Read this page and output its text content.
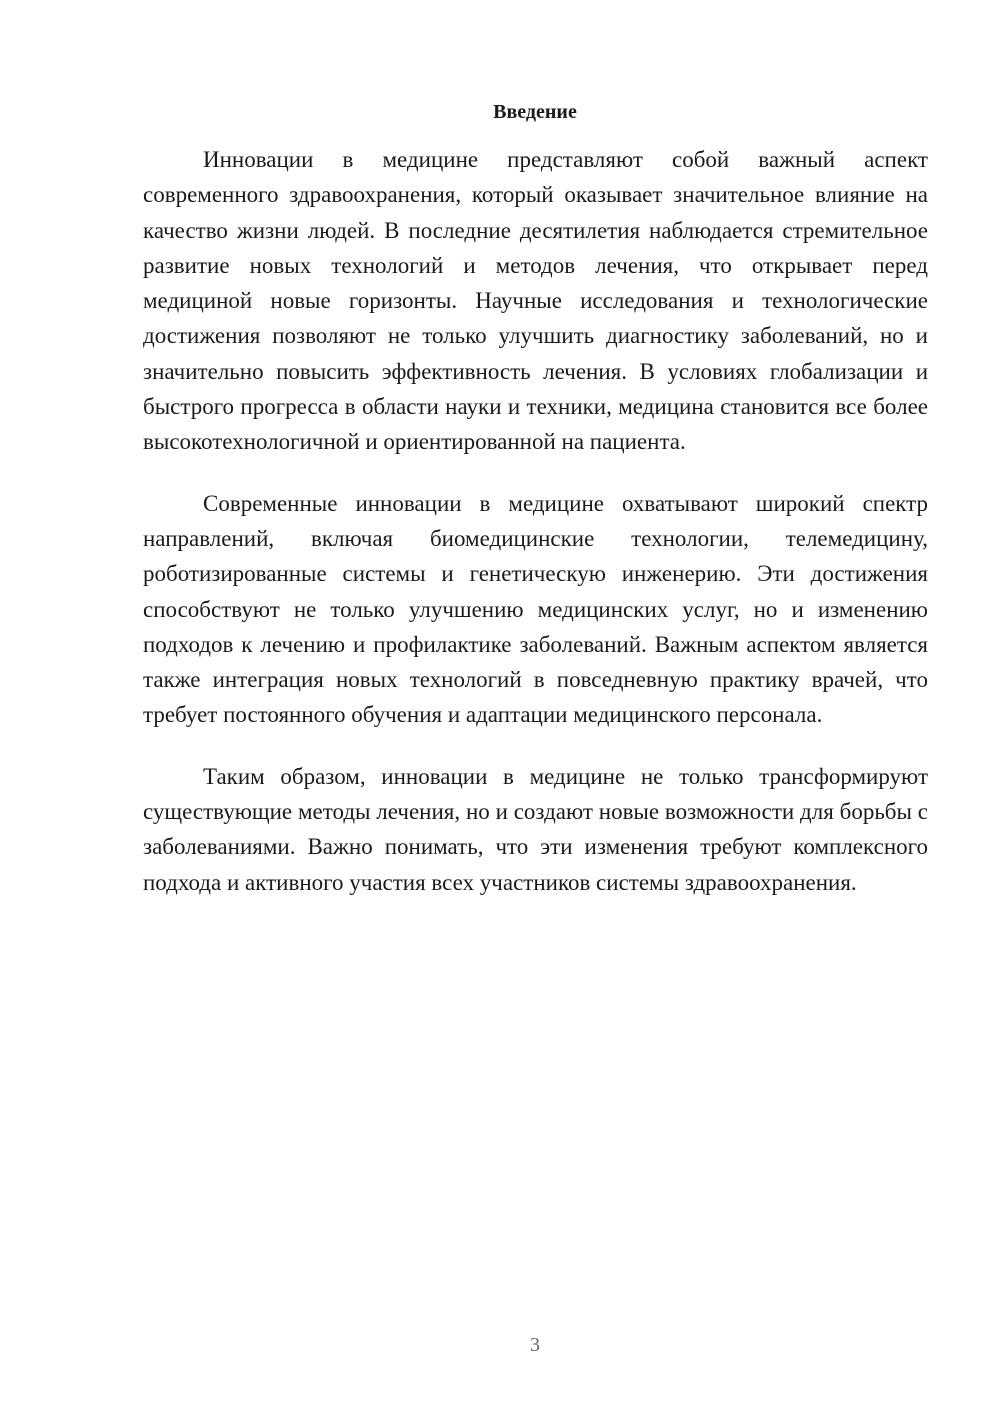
Введение

Инновации в медицине представляют собой важный аспект современного здравоохранения, который оказывает значительное влияние на качество жизни людей. В последние десятилетия наблюдается стремительное развитие новых технологий и методов лечения, что открывает перед медициной новые горизонты. Научные исследования и технологические достижения позволяют не только улучшить диагностику заболеваний, но и значительно повысить эффективность лечения. В условиях глобализации и быстрого прогресса в области науки и техники, медицина становится все более высокотехнологичной и ориентированной на пациента.

Современные инновации в медицине охватывают широкий спектр направлений, включая биомедицинские технологии, телемедицину, роботизированные системы и генетическую инженерию. Эти достижения способствуют не только улучшению медицинских услуг, но и изменению подходов к лечению и профилактике заболеваний. Важным аспектом является также интеграция новых технологий в повседневную практику врачей, что требует постоянного обучения и адаптации медицинского персонала.

Таким образом, инновации в медицине не только трансформируют существующие методы лечения, но и создают новые возможности для борьбы с заболеваниями. Важно понимать, что эти изменения требуют комплексного подхода и активного участия всех участников системы здравоохранения.

3
